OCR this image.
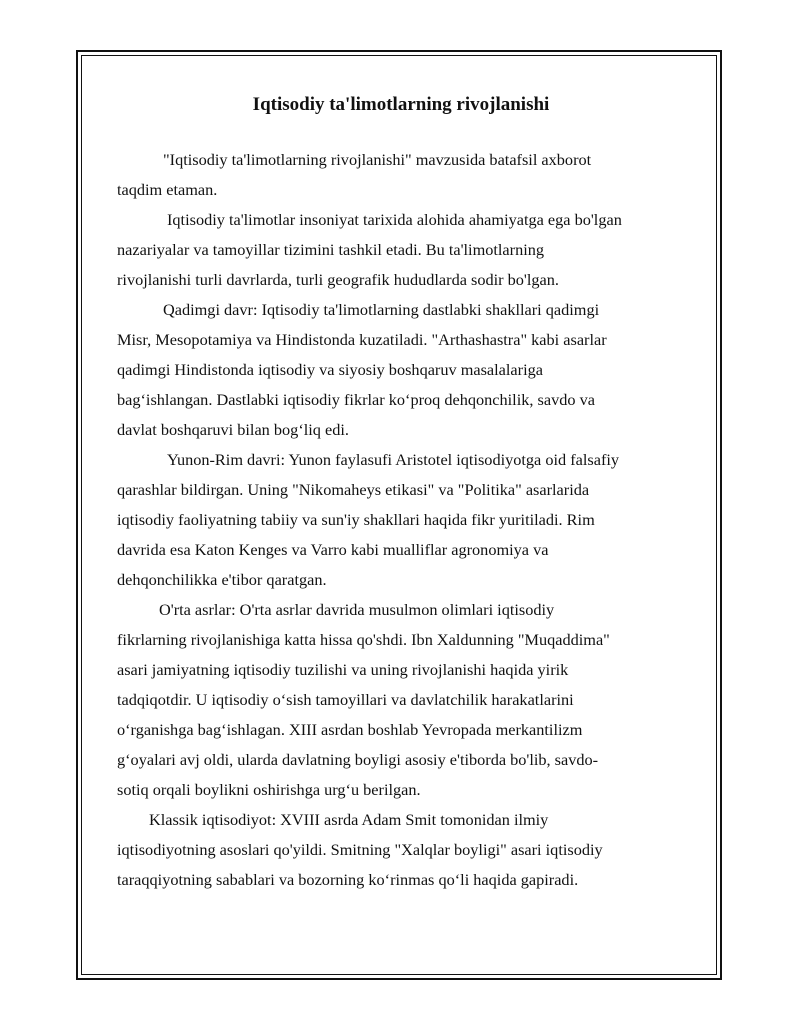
Iqtisodiy ta'limotlarning rivojlanishi

"Iqtisodiy ta'limotlarning rivojlanishi" mavzusida batafsil axborot
taqdim etaman.

Iqtisodiy ta'limotlar insoniyat tarixida alohida ahamiyatga ega bo'lgan
nazariyalar va tamoyillar tizimini tashkil etadi. Bu ta'limotlarning
rivojlanishi turli davrlarda, turli geografik hududlarda sodir bo'lgan.

Qadimgi davr: Iqtisodiy ta'limotlarning dastlabki shakllari qadimgi
Misr, Mesopotamiya va Hindistonda kuzatiladi. "Arthashastra" kabi asarlar
qadimgi Hindistonda iqtisodiy va siyosiy boshqaruv masalalariga
bag‘ishlangan. Dastlabki iqtisodiy fikrlar ko‘proq dehqonchilik, savdo va
davlat boshqaruvi bilan bog‘liq edi.

Yunon-Rim davri: Yunon faylasufi Aristotel iqtisodiyotga oid falsafiy
qarashlar bildirgan. Uning "Nikomaheys etikasi" va "Politika" asarlarida
iqtisodiy faoliyatning tabiiy va sun'iy shakllari haqida fikr yuritiladi. Rim
davrida esa Katon Kenges va Varro kabi mualliflar agronomiya va
dehqonchilikka e'tibor qaratgan.

O'rta asrlar: O'rta asrlar davrida musulmon olimlari iqtisodiy
fikrlarning rivojlanishiga katta hissa qo'shdi. Ibn Xaldunning "Muqaddima"
asari jamiyatning iqtisodiy tuzilishi va uning rivojlanishi haqida yirik
tadqiqotdir. U iqtisodiy o‘sish tamoyillari va davlatchilik harakatlarini
o‘rganishga bag‘ishlagan. XIII asrdan boshlab Yevropada merkantilizm
g‘oyalari avj oldi, ularda davlatning boyligi asosiy e'tiborda bo'lib, savdo-
sotiq orqali boylikni oshirishga urg‘u berilgan.

Klassik iqtisodiyot: XVIII asrda Adam Smit tomonidan ilmiy
iqtisodiyotning asoslari qo'yildi. Smitning "Xalqlar boyligi" asari iqtisodiy
taraqqiyotning sabablari va bozorning ko‘rinmas qo‘li haqida gapiradi.
